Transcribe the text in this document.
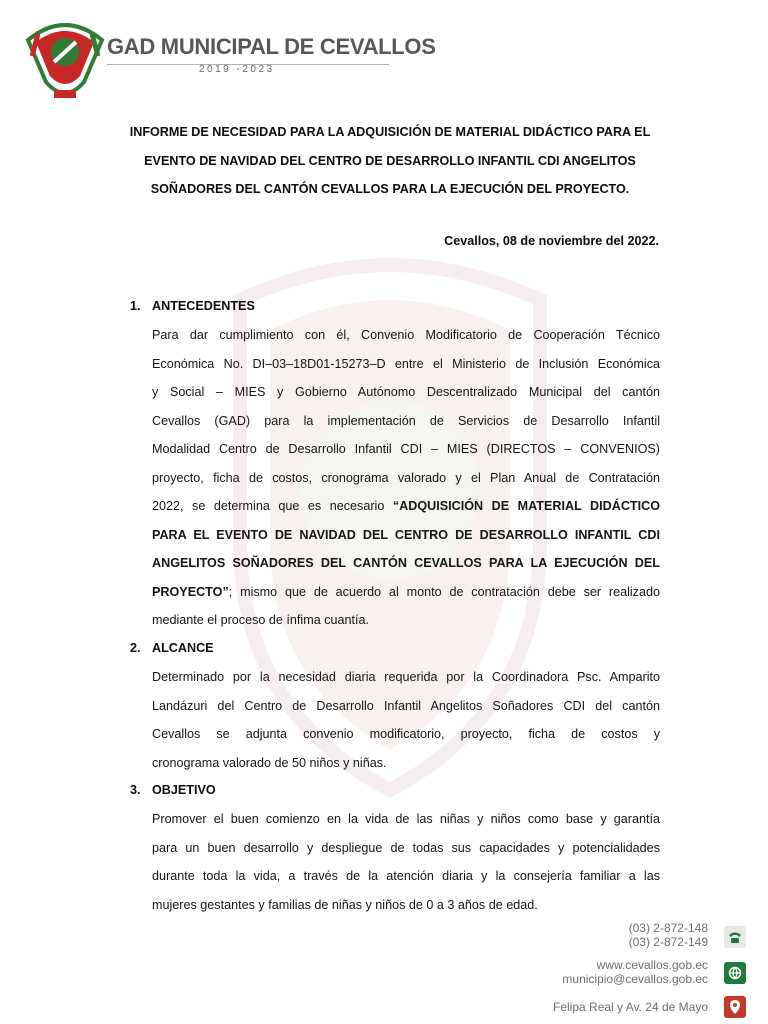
GAD MUNICIPAL DE CEVALLOS
2019 -2023
INFORME DE NECESIDAD PARA LA ADQUISICIÓN DE MATERIAL DIDÁCTICO PARA EL
EVENTO DE NAVIDAD DEL CENTRO DE DESARROLLO INFANTIL CDI ANGELITOS
SOÑADORES DEL CANTÓN CEVALLOS PARA LA EJECUCIÓN DEL PROYECTO.
Cevallos, 08 de noviembre del 2022.
1. ANTECEDENTES
Para dar cumplimiento con él, Convenio Modificatorio de Cooperación Técnico
Económica No. DI–03–18D01-15273–D entre el Ministerio de Inclusión Económica
y Social – MIES y Gobierno Autónomo Descentralizado Municipal del cantón
Cevallos (GAD) para la implementación de Servicios de Desarrollo Infantil
Modalidad Centro de Desarrollo Infantil CDI – MIES (DIRECTOS – CONVENIOS)
proyecto, ficha de costos, cronograma valorado y el Plan Anual de Contratación
2022, se determina que es necesario “ADQUISICIÓN DE MATERIAL DIDÁCTICO
PARA EL EVENTO DE NAVIDAD DEL CENTRO DE DESARROLLO INFANTIL CDI
ANGELITOS SOÑADORES DEL CANTÓN CEVALLOS PARA LA EJECUCIÓN DEL
PROYECTO”; mismo que de acuerdo al monto de contratación debe ser realizado
mediante el proceso de ínfima cuantía.
2. ALCANCE
Determinado por la necesidad diaria requerida por la Coordinadora Psc. Amparito
Landázuri del Centro de Desarrollo Infantil Angelitos Soñadores CDI del cantón
Cevallos se adjunta convenio modificatorio, proyecto, ficha de costos y
cronograma valorado de 50 niños y niñas.
3. OBJETIVO
Promover el buen comienzo en la vida de las niñas y niños como base y garantía
para un buen desarrollo y despliegue de todas sus capacidades y potencialidades
durante toda la vida, a través de la atención diaria y la consejería familiar a las
mujeres gestantes y familias de niñas y niños de 0 a 3 años de edad.
(03) 2-872-148
(03) 2-872-149
www.cevallos.gob.ec
municipio@cevallos.gob.ec
Felipa Real y Av. 24 de Mayo
